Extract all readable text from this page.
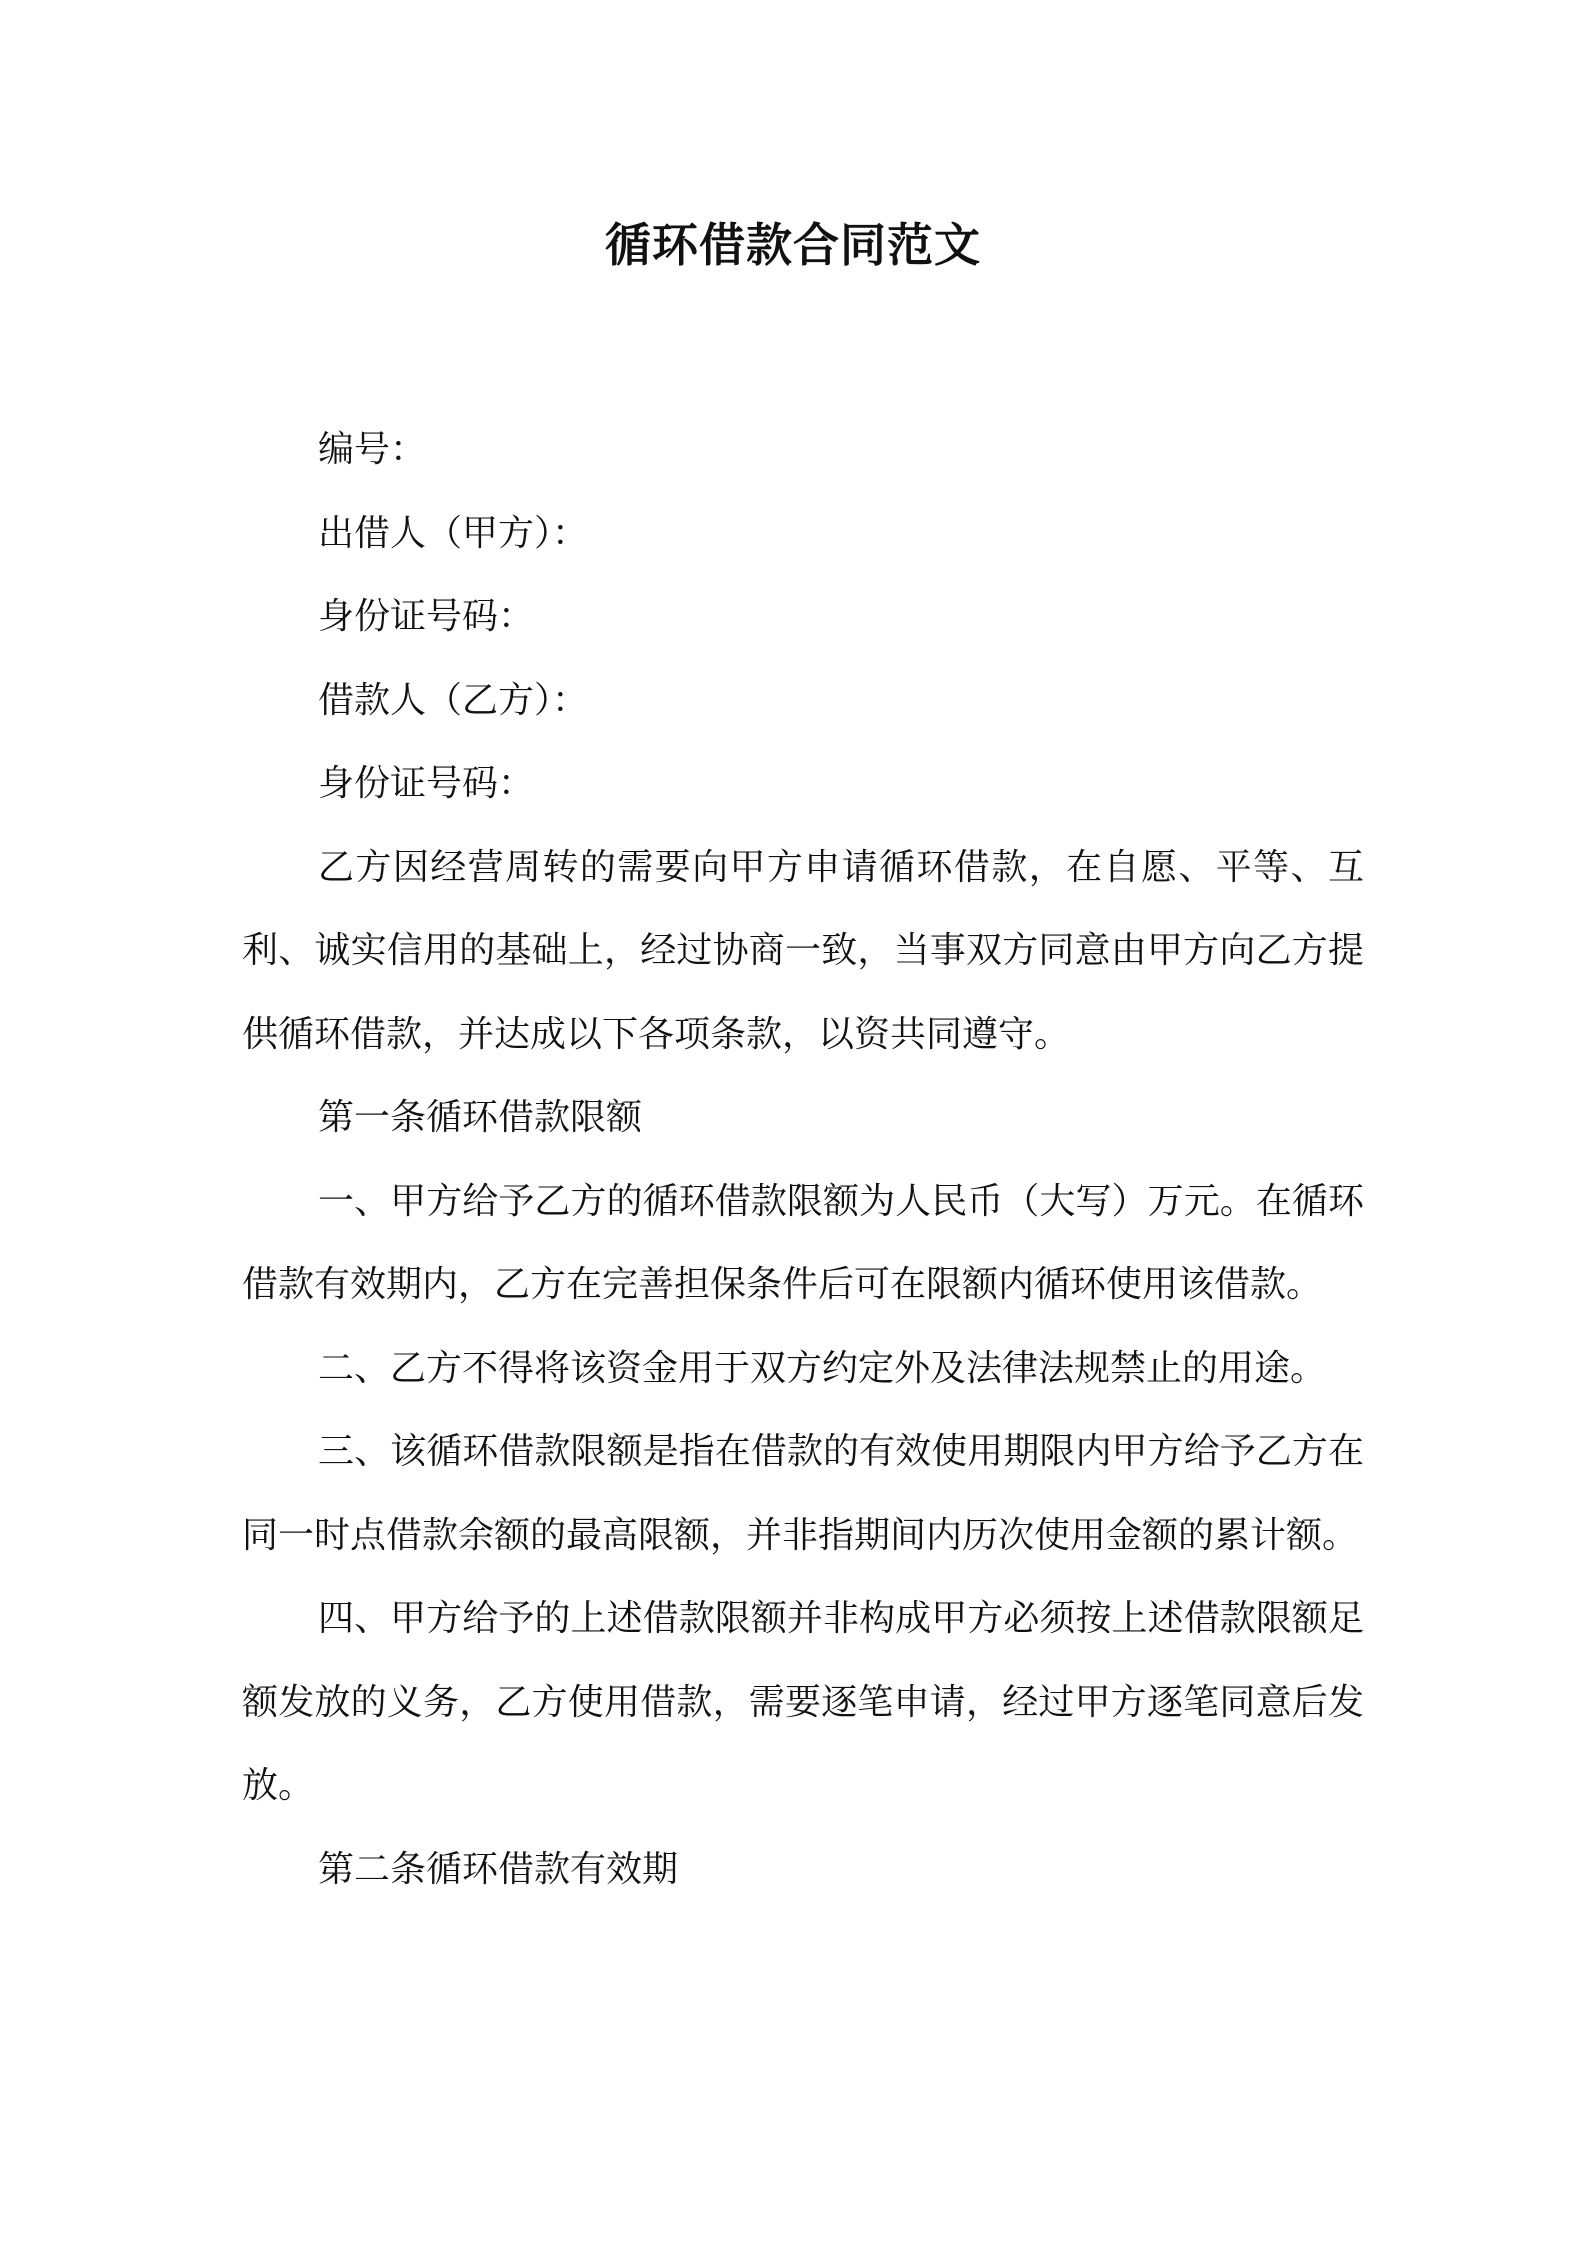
循环借款合同范文

编号：

出借人（甲方）：

身份证号码：

借款人（乙方）：

身份证号码：

乙方因经营周转的需要向甲方申请循环借款，在自愿、平等、互利、诚实信用的基础上，经过协商一致，当事双方同意由甲方向乙方提供循环借款，并达成以下各项条款，以资共同遵守。

第一条循环借款限额

一、甲方给予乙方的循环借款限额为人民币（大写）万元。在循环借款有效期内，乙方在完善担保条件后可在限额内循环使用该借款。

二、乙方不得将该资金用于双方约定外及法律法规禁止的用途。

三、该循环借款限额是指在借款的有效使用期限内甲方给予乙方在同一时点借款余额的最高限额，并非指期间内历次使用金额的累计额。

四、甲方给予的上述借款限额并非构成甲方必须按上述借款限额足额发放的义务，乙方使用借款，需要逐笔申请，经过甲方逐笔同意后发放。

第二条循环借款有效期
